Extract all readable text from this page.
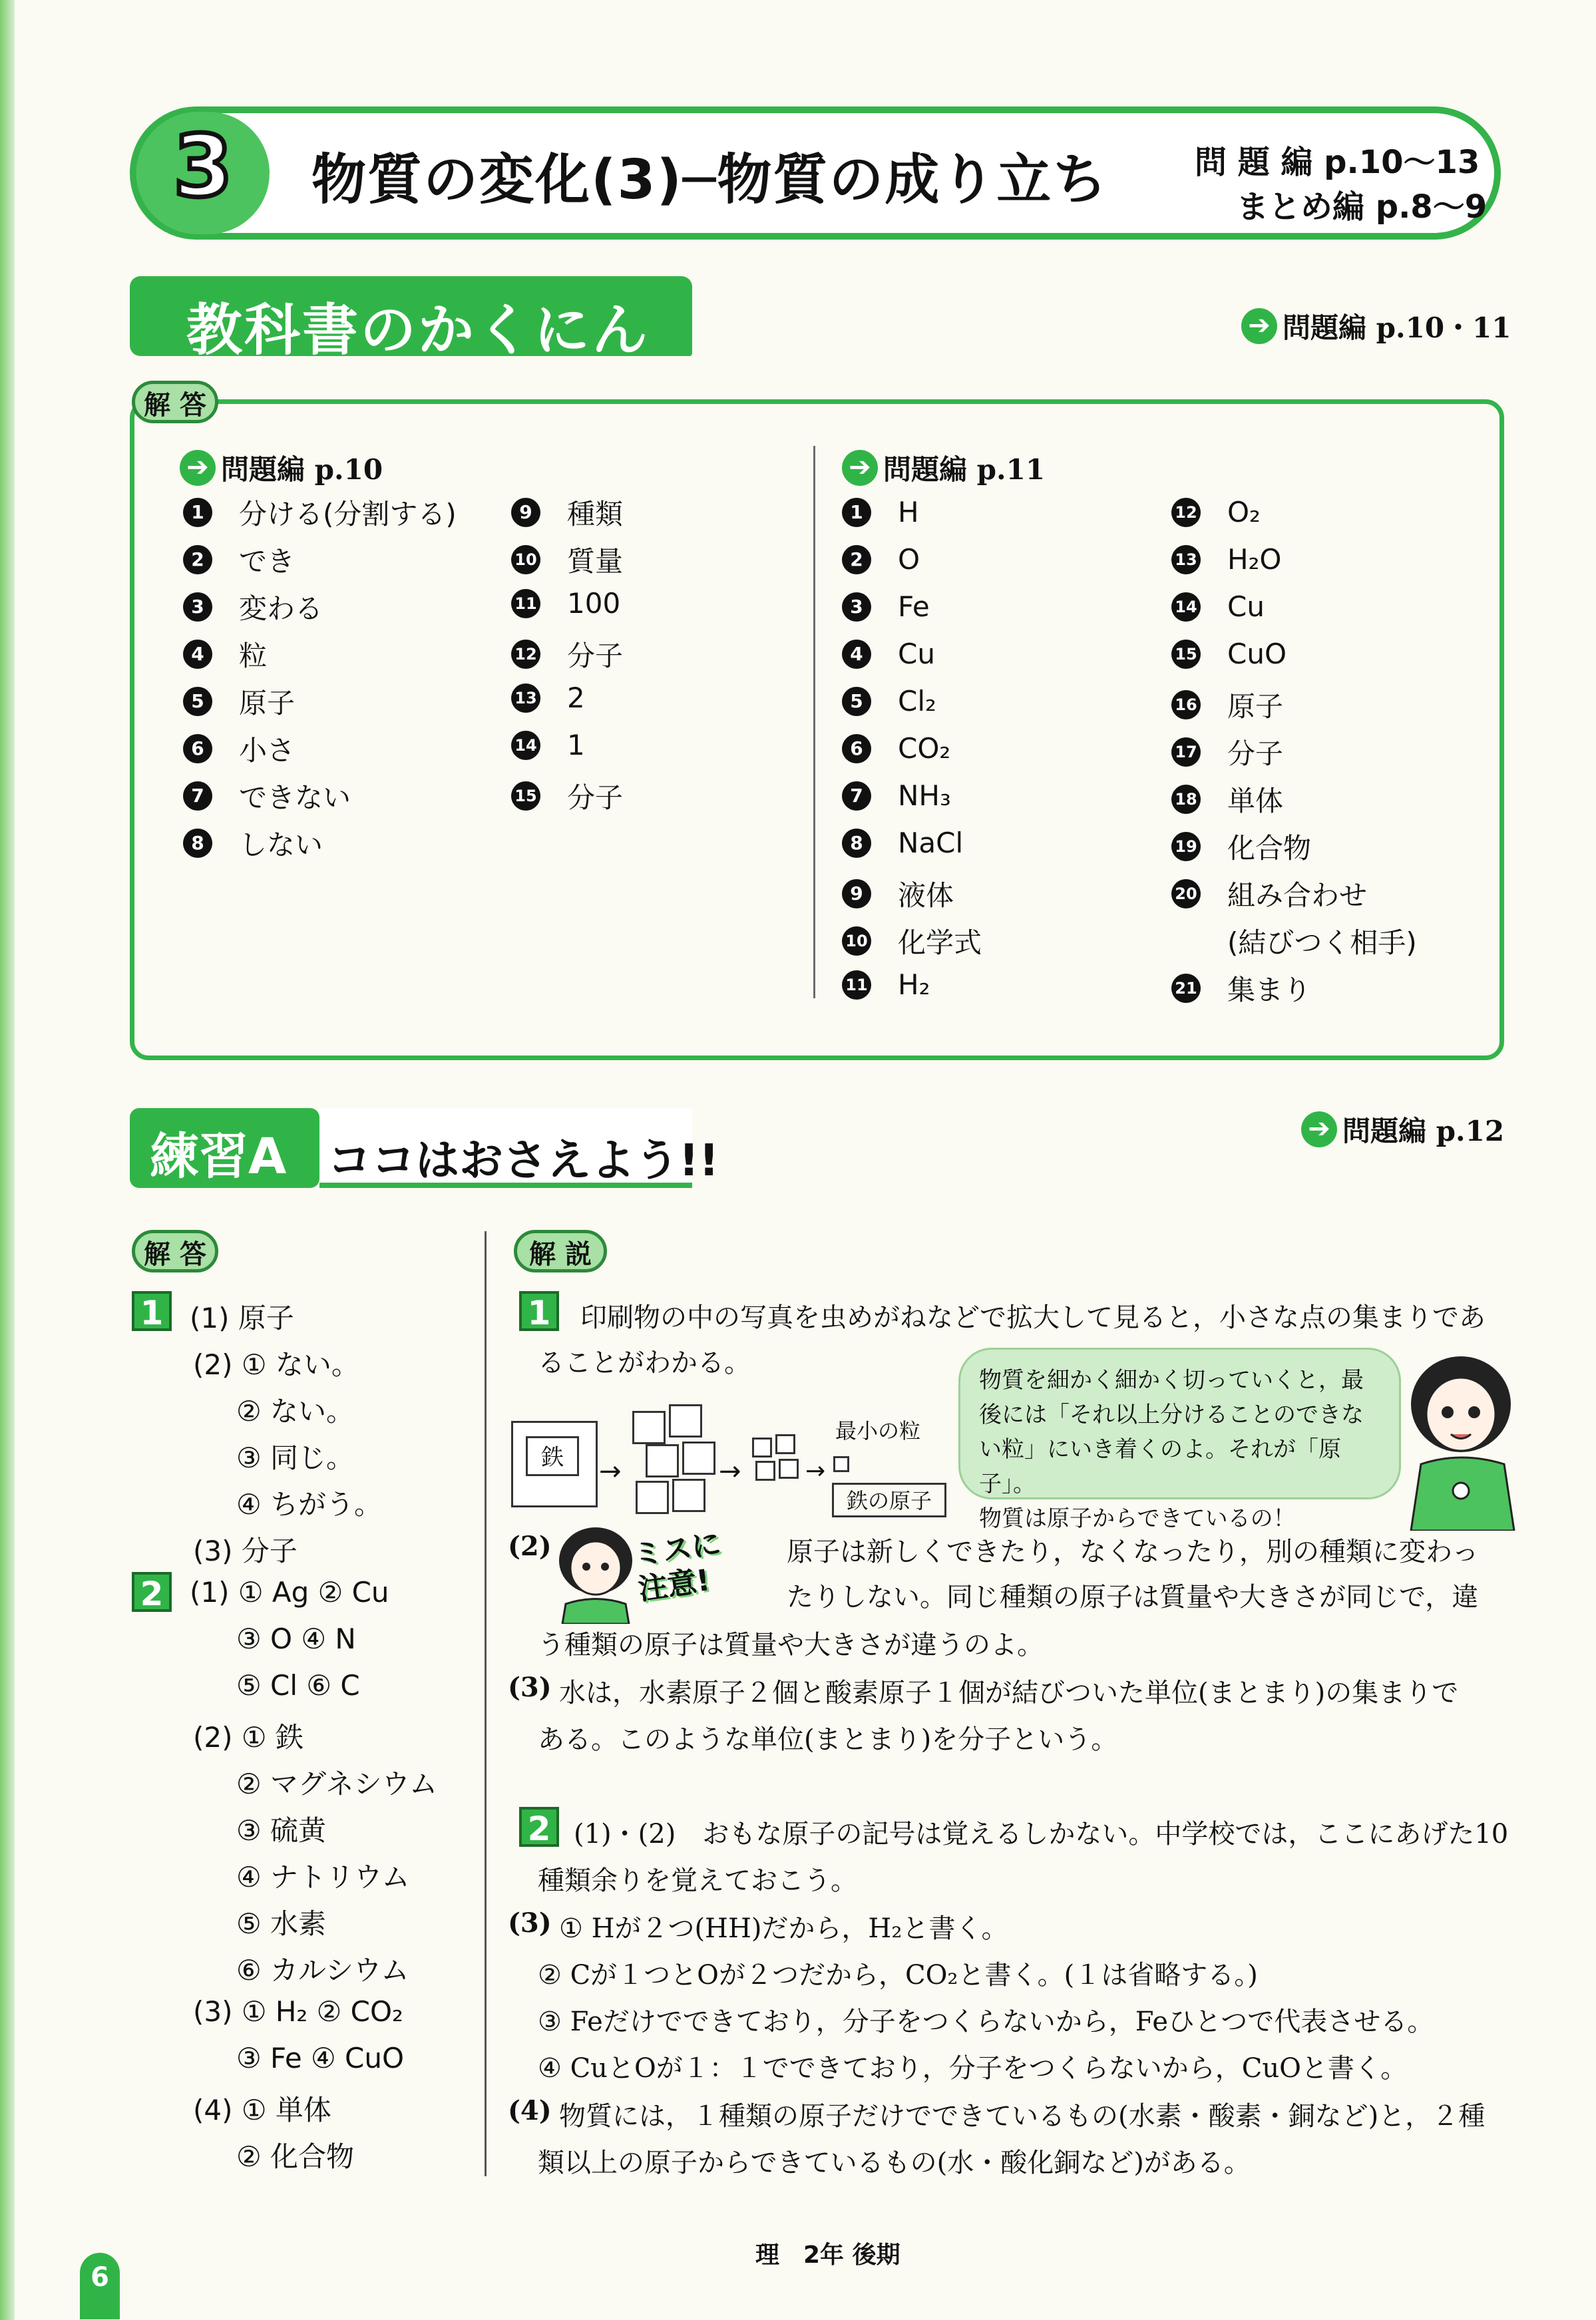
3	物質の変化(3)─物質の成り立ち	問 題 編 p.10〜13
まとめ編 p.8〜9
教科書のかくにん	➔ 問題編 p.10・11
解 答
➔ 問題編 p.10	➔ 問題編 p.11
1 分ける(分割する)
2 でき
3 変わる
4 粒
5 原子
6 小さ
7 できない
8 しない
9 種類
10 質量
11 100
12 分子
13 2
14 1
15 分子
1 H
2 O
3 Fe
4 Cu
5 Cl₂
6 CO₂
7 NH₃
8 NaCl
9 液体
10 化学式
11 H₂
12 O₂
13 H₂O
14 Cu
15 CuO
16 原子
17 分子
18 単体
19 化合物
20 組み合わせ
(結びつく相手)
21 集まり
練習A ココはおさえよう!!
➔ 問題編 p.12
解 答	解 説
(1) 原子
(2) ① ない。
② ない。
③ 同じ。
④ ちがう。
(3) 分子
(1) ① Ag ② Cu
③ O ④ N
⑤ Cl ⑥ C
(2) ① 鉄
② マグネシウム
③ 硫黄
④ ナトリウム
⑤ 水素
⑥ カルシウム
(3) ① H₂ ② CO₂
③ Fe ④ CuO
(4) ① 単体
② 化合物
1
2
1	印刷物の中の写真を虫めがねなどで拡大して見ると，小さな点の集まりであ
ることがわかる。
鉄	→	→	→
最小の粒
鉄の原子
物質を細かく細かく切っていくと，最
後には「それ以上分けることのできな
い粒」にいき着くのよ。それが「原子」。
物質は原子からできているの！
ミスに注意!
(2)	原子は新しくできたり，なくなったり，別の種類に変わっ
たりしない。同じ種類の原子は質量や大きさが同じで，違
う種類の原子は質量や大きさが違うのよ。
(3) 水は，水素原子２個と酸素原子１個が結びついた単位(まとまり)の集まりで
ある。このような単位(まとまり)を分子という。
2 (1)・(2)　おもな原子の記号は覚えるしかない。中学校では，ここにあげた10
種類余りを覚えておこう。
(3) ① Hが２つ(HH)だから，H₂と書く。
② Cが１つとOが２つだから，CO₂と書く。(１は省略する。)
③ Feだけでできており，分子をつくらないから，Feひとつで代表させる。
④ CuとOが１：１でできており，分子をつくらないから，CuOと書く。
(4) 物質には，１種類の原子だけでできているもの(水素・酸素・銅など)と，２種
類以上の原子からできているもの(水・酸化銅など)がある。
6
理　2年 後期
